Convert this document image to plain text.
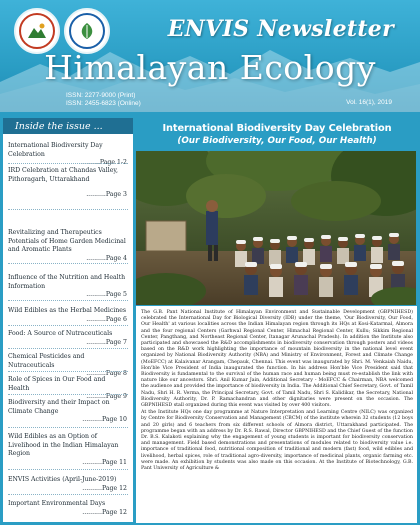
ENVIS Newsletter
Himalayan Ecology
ISSN: 2277-9000 (Print)
ISSN: 2455-6823 (Online)	Vol. 16(1), 2019
Inside the issue ...
International Biodiversity Day Celebration
..........Page 1-2
IRD Celebration at Chandas Valley, Pithoragarh, Uttarakhand
..........Page 3
Revitalizing and Therapeutics Potentials of Home Garden Medicinal and Aromatic Plants
..........Page 4
Influence of the Nutrition and Health Information
..........Page 5
Wild Edibles as the Herbal Medicines
..........Page 6
Food: A Source of Nutraceuticals
..........Page 7
Chemical Pesticides and Nutraceuticals
..........Page 8
Role of Spices in Our Food and Health
..........Page 9
Biodiversity and their Impact on Climate Change
..........Page 10
Wild Edibles as an Option of Livelihood in the Indian Himalayan Region
..........Page 11
ENVIS Activities (April-June-2019)
..........Page 12
Important Environmental Days
..........Page 12
International Biodiversity Day Celebration
(Our Biodiversity, Our Food, Our Health)

The G.B. Pant National Institute of Himalayan Environment and Sustainable Development (GBPNIHESD) celebrated the International Day for Biological Diversity (IDB) under the theme, 'Our Biodiversity, Our Food, Our Health' at various localities across the Indian Himalayan region through its HQs at Kosi-Katarmal, Almora and the four regional Centers (Garhwal Regional Center, Himachal Regional Center, Kullu; Sikkim Regional Center, Pangthang, and Northeast Regional Center, Itanagar Arunachal Pradesh). In addition the Institute also participated and showcased the R&D accomplishments in biodiversity conservation through posters and videos based on the R&D work highlighting the importance of mountain biodiversity in the national level event organized by National Biodiversity Authority (NBA) and Ministry of Environment, Forest and Climate Change (MoEFCC) at Kalaivanar Arangam, Chepauk, Chennai. This event was inaugurated by Shri. M. Venkaiah Naidu, Hon'ble Vice President of India inaugurated the function. In his address Hon'ble Vice President said that Biodiversity is fundamental to the survival of the human race and human being must re-establish the link with nature like our ancestors. Shri. Anil Kumar Jain, Additional Secretary - MoEFCC & Chairman, NBA welcomed the audience and provided the importance of biodiversity in India. The Additional Chief Secretary, Govt. of Tamil Nadu, Shri H. R. Verma, the Principal Secretary, Govt. of Tamil Nadu, Shri S. Kalidikar, the Secretary, National Biodiversity Authority, Dr. P. Ramachandran and other dignitaries were present on the occasion. The GBPNIHESD stall organized during this event was visited by over 400 visitors.

At the Institute HQs one day programme at Nature Interpretation and Learning Centre (NILC) was organized by Centre for Biodiversity Conservation and Management (CBCM) of the institute wherein 32 students (12 boys and 20 girls) and 6 teachers from six different schools of Almora district, Uttarakhand participated. The programme began with an address by Dr. R.S. Rawal, Director GBPNIHESD and the Chief Guest of the function Dr. B.S. Kalakoti explaining why the engagement of young students is important for biodiversity conservation and management. Field based demonstrations and presentations of modules related to biodiversity value i.e. importance of traditional food, nutritional composition of traditional and modern (fast) food, wild edibles and livelihood, herbal spices, role of traditional agro-diversity, importance of medicinal plants, organic farming etc. were made. An exhibition by students was also made on this occasion. At the Institute of Biotechnology, G.B. Pant University of Agriculture &
